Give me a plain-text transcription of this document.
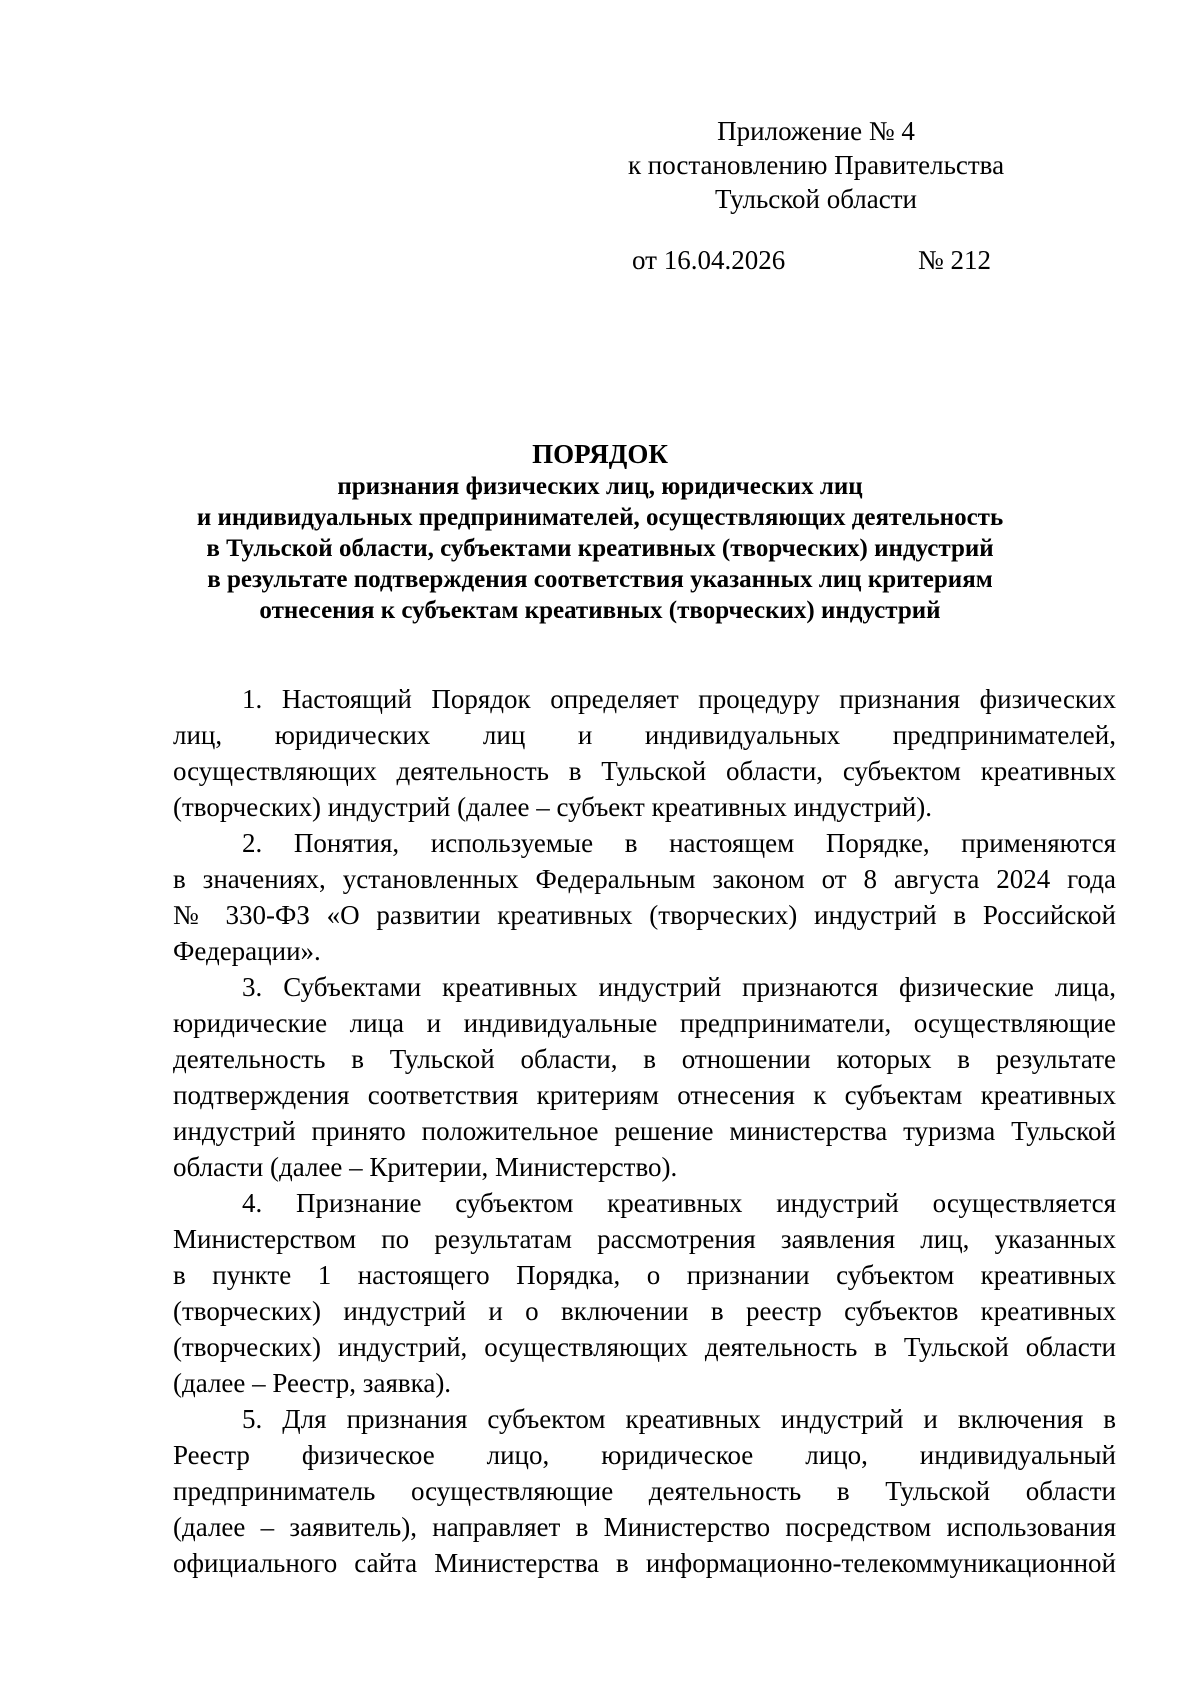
Приложение № 4
к постановлению Правительства
Тульской области
от 16.04.2026	№ 212
ПОРЯДОК
признания физических лиц, юридических лиц
и индивидуальных предпринимателей, осуществляющих деятельность
в Тульской области, субъектами креативных (творческих) индустрий
в результате подтверждения соответствия указанных лиц критериям
отнесения к субъектам креативных (творческих) индустрий
1. Настоящий Порядок определяет процедуру признания физических
лиц, юридических лиц и индивидуальных предпринимателей,
осуществляющих деятельность в Тульской области, субъектом креативных
(творческих) индустрий (далее – субъект креативных индустрий).
2. Понятия, используемые в настоящем Порядке, применяются
в значениях, установленных Федеральным законом от 8 августа 2024 года
№ 330-ФЗ «О развитии креативных (творческих) индустрий в Российской
Федерации».
3. Субъектами креативных индустрий признаются физические лица,
юридические лица и индивидуальные предприниматели, осуществляющие
деятельность в Тульской области, в отношении которых в результате
подтверждения соответствия критериям отнесения к субъектам креативных
индустрий принято положительное решение министерства туризма Тульской
области (далее – Критерии, Министерство).
4. Признание субъектом креативных индустрий осуществляется
Министерством по результатам рассмотрения заявления лиц, указанных
в пункте 1 настоящего Порядка, о признании субъектом креативных
(творческих) индустрий и о включении в реестр субъектов креативных
(творческих) индустрий, осуществляющих деятельность в Тульской области
(далее – Реестр, заявка).
5. Для признания субъектом креативных индустрий и включения в
Реестр физическое лицо, юридическое лицо, индивидуальный
предприниматель осуществляющие деятельность в Тульской области
(далее – заявитель), направляет в Министерство посредством использования
официального сайта Министерства в информационно-телекоммуникационной
